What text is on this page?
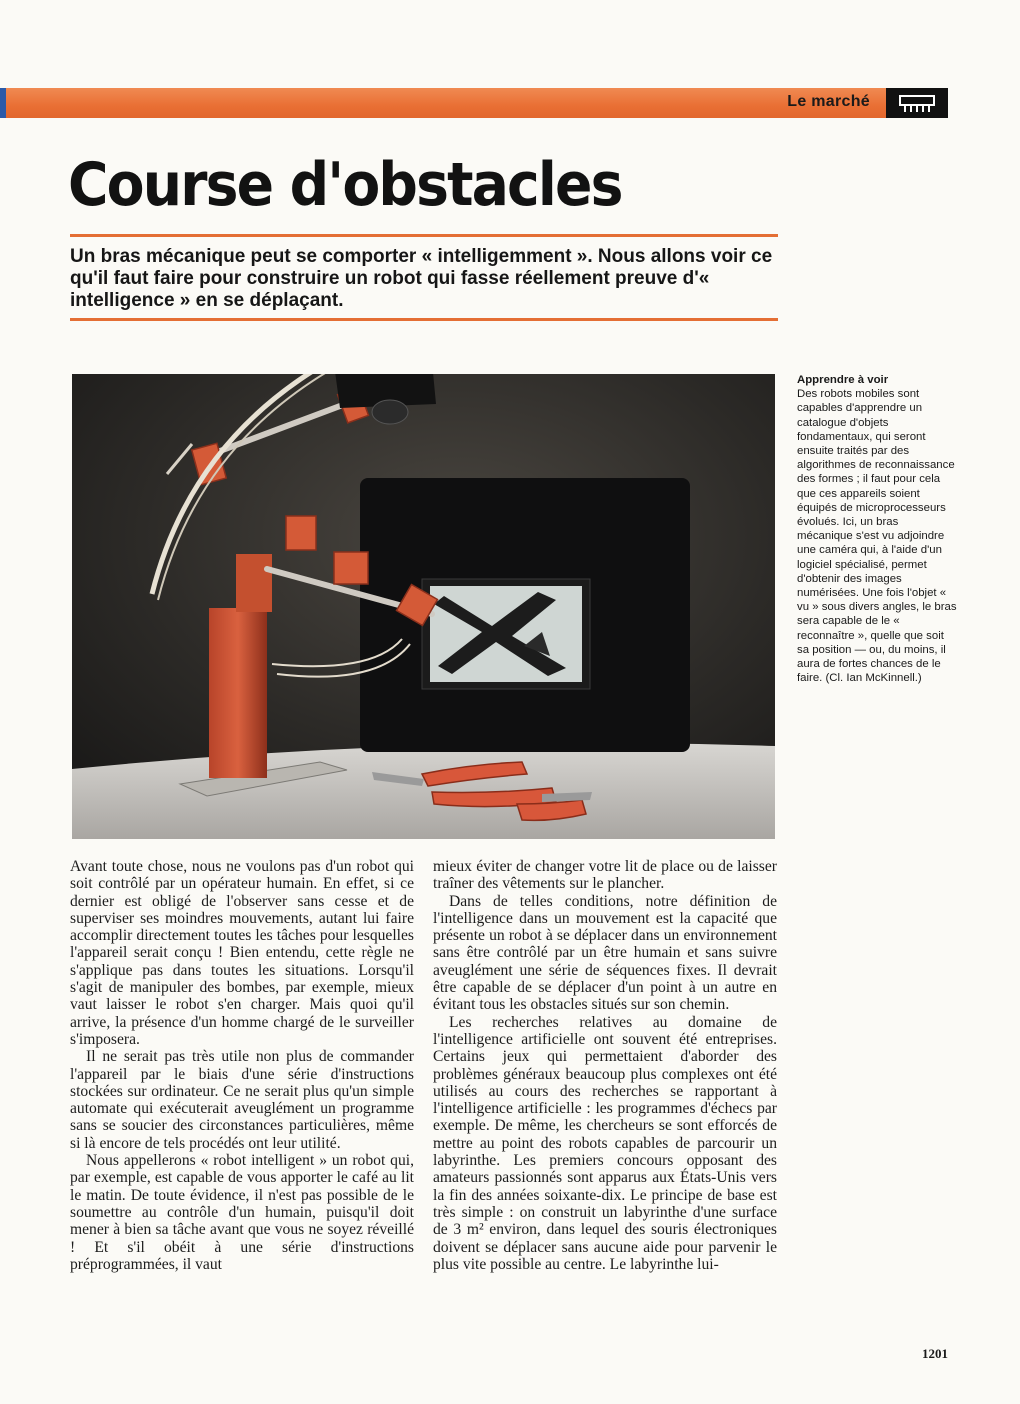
Le marché
Course d'obstacles

Un bras mécanique peut se comporter « intelligemment ». Nous allons voir ce qu'il faut faire pour construire un robot qui fasse réellement preuve d'« intelligence » en se déplaçant.

Apprendre à voir
Des robots mobiles sont capables d'apprendre un catalogue d'objets fondamentaux, qui seront ensuite traités par des algorithmes de reconnaissance des formes ; il faut pour cela que ces appareils soient équipés de microprocesseurs évolués. Ici, un bras mécanique s'est vu adjoindre une caméra qui, à l'aide d'un logiciel spécialisé, permet d'obtenir des images numérisées. Une fois l'objet « vu » sous divers angles, le bras sera capable de le « reconnaître », quelle que soit sa position — ou, du moins, il aura de fortes chances de le faire. (Cl. Ian McKinnell.)

Avant toute chose, nous ne voulons pas d'un robot qui soit contrôlé par un opérateur humain. En effet, si ce dernier est obligé de l'observer sans cesse et de superviser ses moindres mouvements, autant lui faire accomplir directement toutes les tâches pour lesquelles l'appareil serait conçu ! Bien entendu, cette règle ne s'applique pas dans toutes les situations. Lorsqu'il s'agit de manipuler des bombes, par exemple, mieux vaut laisser le robot s'en charger. Mais quoi qu'il arrive, la présence d'un homme chargé de le surveiller s'imposera.

Il ne serait pas très utile non plus de commander l'appareil par le biais d'une série d'instructions stockées sur ordinateur. Ce ne serait plus qu'un simple automate qui exécuterait aveuglément un programme sans se soucier des circonstances particulières, même si là encore de tels procédés ont leur utilité.

Nous appellerons « robot intelligent » un robot qui, par exemple, est capable de vous apporter le café au lit le matin. De toute évidence, il n'est pas possible de le soumettre au contrôle d'un humain, puisqu'il doit mener à bien sa tâche avant que vous ne soyez réveillé ! Et s'il obéit à une série d'instructions préprogrammées, il vaut

mieux éviter de changer votre lit de place ou de laisser traîner des vêtements sur le plancher.

Dans de telles conditions, notre définition de l'intelligence dans un mouvement est la capacité que présente un robot à se déplacer dans un environnement sans être contrôlé par un être humain et sans suivre aveuglément une série de séquences fixes. Il devrait être capable de se déplacer d'un point à un autre en évitant tous les obstacles situés sur son chemin.

Les recherches relatives au domaine de l'intelligence artificielle ont souvent été entreprises. Certains jeux qui permettaient d'aborder des problèmes généraux beaucoup plus complexes ont été utilisés au cours des recherches se rapportant à l'intelligence artificielle : les programmes d'échecs par exemple. De même, les chercheurs se sont efforcés de mettre au point des robots capables de parcourir un labyrinthe. Les premiers concours opposant des amateurs passionnés sont apparus aux États-Unis vers la fin des années soixante-dix. Le principe de base est très simple : on construit un labyrinthe d'une surface de 3 m² environ, dans lequel des souris électroniques doivent se déplacer sans aucune aide pour parvenir le plus vite possible au centre. Le labyrinthe lui-

1201
